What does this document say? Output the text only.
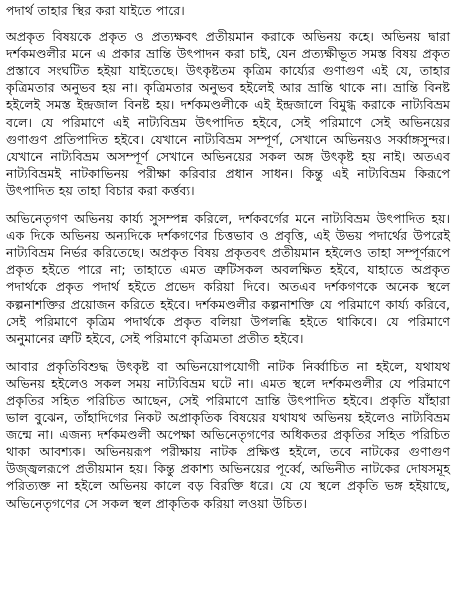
পদার্থ তাহার স্থির করা যাইতে পারে।

অপ্রকৃত বিষয়কে প্রকৃত ও প্রত্যক্ষবৎ প্রতীয়মান করাকে অভিনয় কহে। অভিনয় দ্বারা দর্শকমণ্ডলীর মনে এ প্রকার ভ্রান্তি উৎপাদন করা চাই, যেন প্রত্যক্ষীভূত সমস্ত বিষয় প্রকৃত প্রস্তাবে সংঘটিত হইয়া যাইতেছে। উৎকৃষ্টতম কৃত্রিম কার্য্যের গুণাগুণ এই যে, তাহার কৃত্রিমতার অনুভব হয় না। কৃত্রিমতার অনুভব হইলেই আর ভ্রান্তি থাকে না। ভ্রান্তি বিনষ্ট হইলেই সমস্ত ইন্দ্রজাল বিনষ্ট হয়। দর্শকমণ্ডলীকে এই ইন্দ্রজালে বিমুগ্ধ করাকে নাট্যবিভ্রম বলে। যে পরিমাণে এই নাট্যবিভ্রম উৎপাদিত হইবে, সেই পরিমাণে সেই অভিনয়ের গুণাগুণ প্রতিপাদিত হইবে। যেখানে নাট্যবিভ্রম সম্পূর্ণ, সেখানে অভিনয়ও সর্ব্বাঙ্গসুন্দর। যেখানে নাট্যবিভ্রম অসম্পূর্ণ সেখানে অভিনয়ের সকল অঙ্গ উৎকৃষ্ট হয় নাই। অতএব নাট্যবিভ্রমই নাটকাভিনয় পরীক্ষা করিবার প্রধান সাধন। কিন্তু এই নাট্যবিভ্রম কিরূপে উৎপাদিত হয় তাহা বিচার করা কর্ত্তব্য।

অভিনেতৃগণ অভিনয় কার্য্য সুসম্পন্ন করিলে, দর্শকবর্গের মনে নাট্যবিভ্রম উৎপাদিত হয়। এক দিকে অভিনয় অন্যদিকে দর্শকগণের চিত্তভাব ও প্রবৃত্তি, এই উভয় পদার্থের উপরেই নাট্যবিভ্রম নির্ভর করিতেছে। অপ্রকৃত বিষয় প্রকৃতবৎ প্রতীয়মান হইলেও তাহা সম্পূর্ণরূপে প্রকৃত হইতে পারে না; তাহাতে এমত ত্রুটিসকল অবলক্ষিত হইবে, যাহাতে অপ্রকৃত পদার্থকে প্রকৃত পদার্থ হইতে প্রভেদ করিয়া দিবে। অতএব দর্শকগণকে অনেক স্থলে কল্পনাশক্তির প্রয়োজন করিতে হইবে। দর্শকমণ্ডলীর কল্পনাশক্তি যে পরিমাণে কার্য্য করিবে, সেই পরিমাণে কৃত্রিম পদার্থকে প্রকৃত বলিয়া উপলব্ধি হইতে থাকিবে। যে পরিমাণে অনুমানের ত্রুটি হইবে, সেই পরিমাণে কৃত্রিমতা প্রতীত হইবে।

আবার প্রকৃতিবিশুদ্ধ উৎকৃষ্ট বা অভিনয়োপযোগী নাটক নির্ব্বাচিত না হইলে, যথাযথ অভিনয় হইলেও সকল সময় নাট্যবিভ্রম ঘটে না। এমত স্থলে দর্শকমণ্ডলীর যে পরিমাণে প্রকৃতির সহিত পরিচিত আছেন, সেই পরিমাণে ভ্রান্তি উৎপাদিত হইবে। প্রকৃতি যাঁহারা ভাল বুঝেন, তাঁহাদিগের নিকট অপ্রাকৃতিক বিষয়ের যথাযথ অভিনয় হইলেও নাট্যবিভ্রম জন্মে না। এজন্য দর্শকমণ্ডলী অপেক্ষা অভিনেতৃগণের অধিকতর প্রকৃতির সহিত পরিচিত থাকা আবশ্যক। অভিনয়রূপ পরীক্ষায় নাটক প্রক্ষিপ্ত হইলে, তবে নাটকের গুণাগুণ উজ্জ্বলরূপে প্রতীয়মান হয়। কিন্তু প্রকাশ্য অভিনয়ের পূর্ব্বে, অভিনীত নাটকের দোষসমূহ পরিত্যক্ত না হইলে অভিনয় কালে বড় বিরক্তি ধরে। যে যে স্থলে প্রকৃতি ভঙ্গ হইয়াছে, অভিনেতৃগণের সে সকল স্থল প্রাকৃতিক করিয়া লওয়া উচিত।
